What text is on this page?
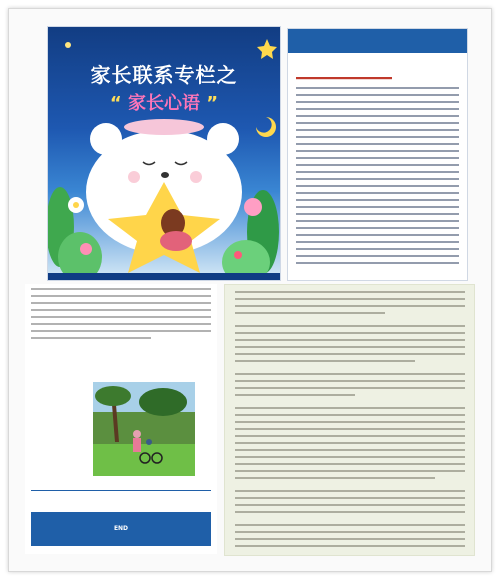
家长联系专栏之
“ 家长心语 ”
END
